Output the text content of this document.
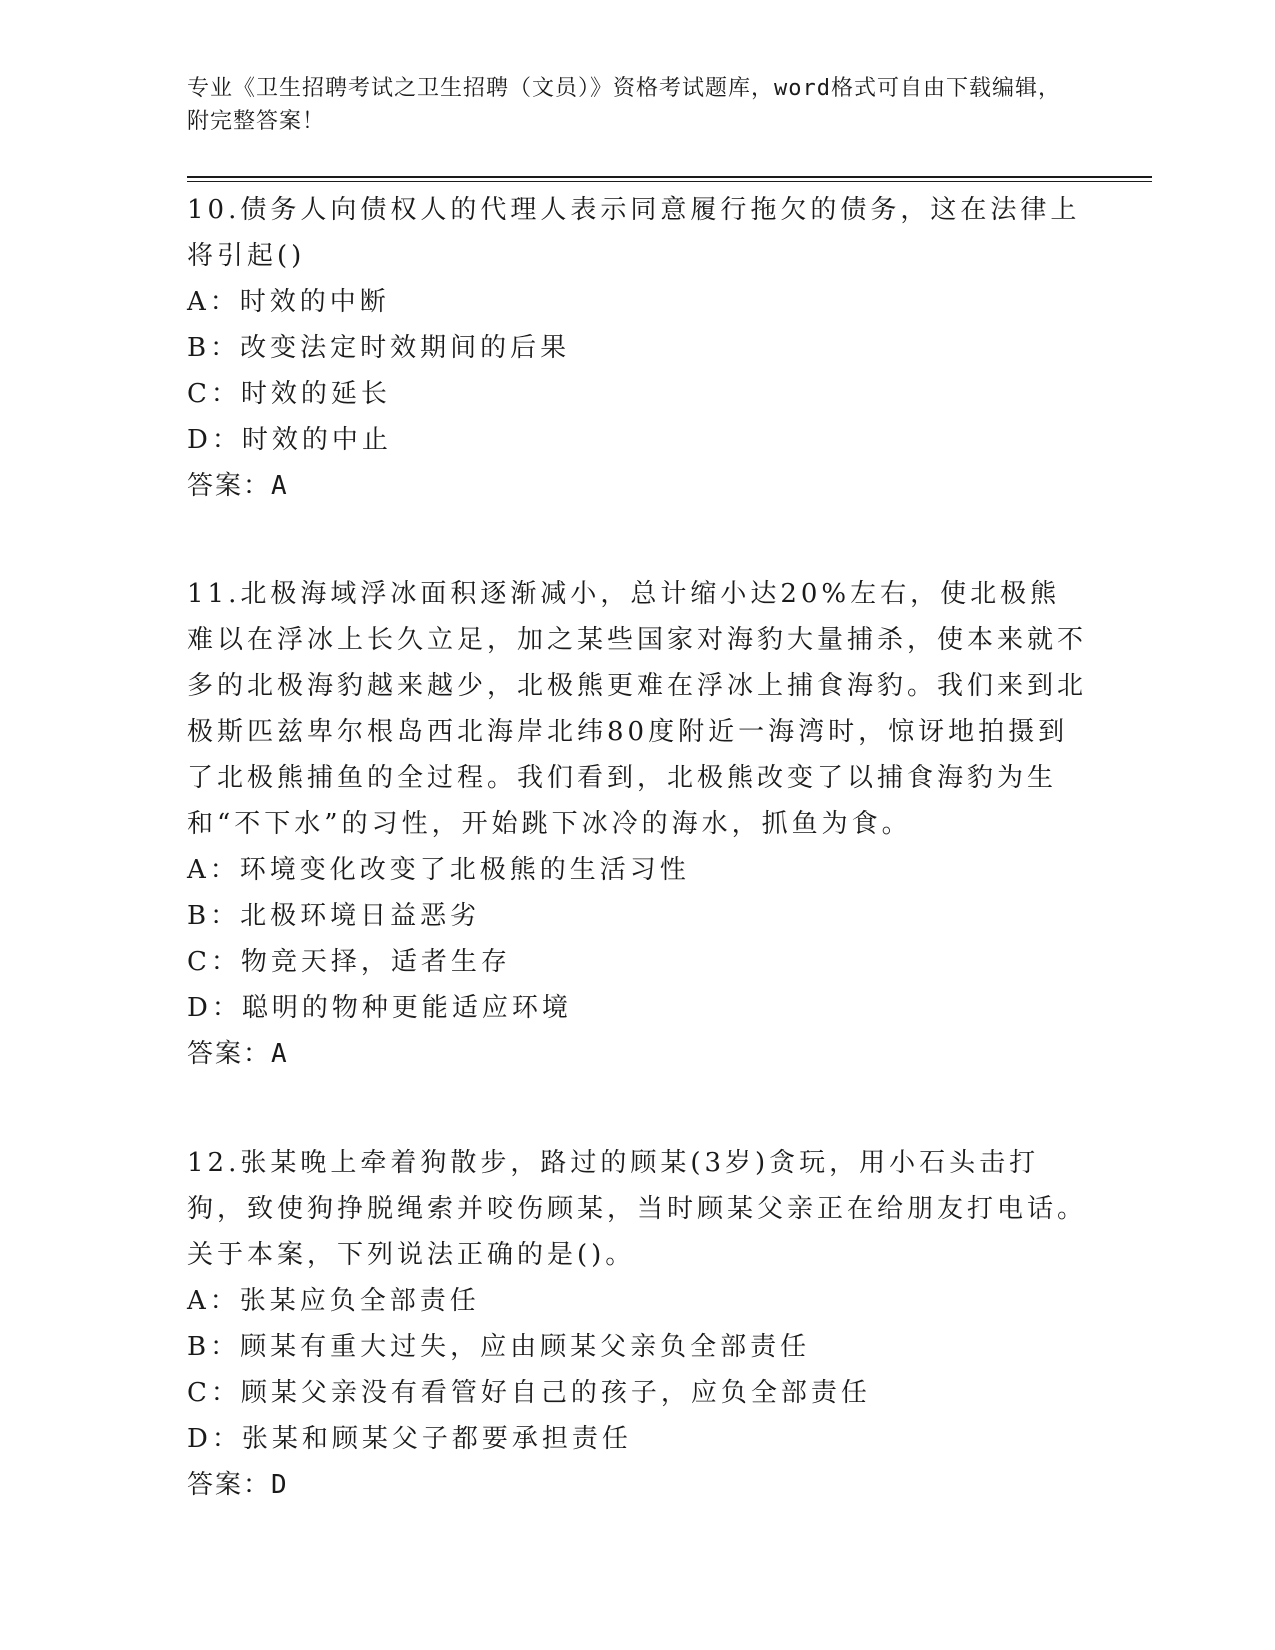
专业《卫生招聘考试之卫生招聘（文员）》资格考试题库，word格式可自由下载编辑，附完整答案！

10.债务人向债权人的代理人表示同意履行拖欠的债务，这在法律上将引起()

A：时效的中断

B：改变法定时效期间的后果

C：时效的延长

D：时效的中止

答案：A

11.北极海域浮冰面积逐渐减小，总计缩小达20%左右，使北极熊难以在浮冰上长久立足，加之某些国家对海豹大量捕杀，使本来就不多的北极海豹越来越少，北极熊更难在浮冰上捕食海豹。我们来到北极斯匹兹卑尔根岛西北海岸北纬80度附近一海湾时，惊讶地拍摄到了北极熊捕鱼的全过程。我们看到，北极熊改变了以捕食海豹为生和“不下水”的习性，开始跳下冰冷的海水，抓鱼为食。

A：环境变化改变了北极熊的生活习性

B：北极环境日益恶劣

C：物竞天择，适者生存

D：聪明的物种更能适应环境

答案：A

12.张某晚上牵着狗散步，路过的顾某(3岁)贪玩，用小石头击打狗，致使狗挣脱绳索并咬伤顾某，当时顾某父亲正在给朋友打电话。关于本案，下列说法正确的是()。

A：张某应负全部责任

B：顾某有重大过失，应由顾某父亲负全部责任

C：顾某父亲没有看管好自己的孩子，应负全部责任

D：张某和顾某父子都要承担责任

答案：D
